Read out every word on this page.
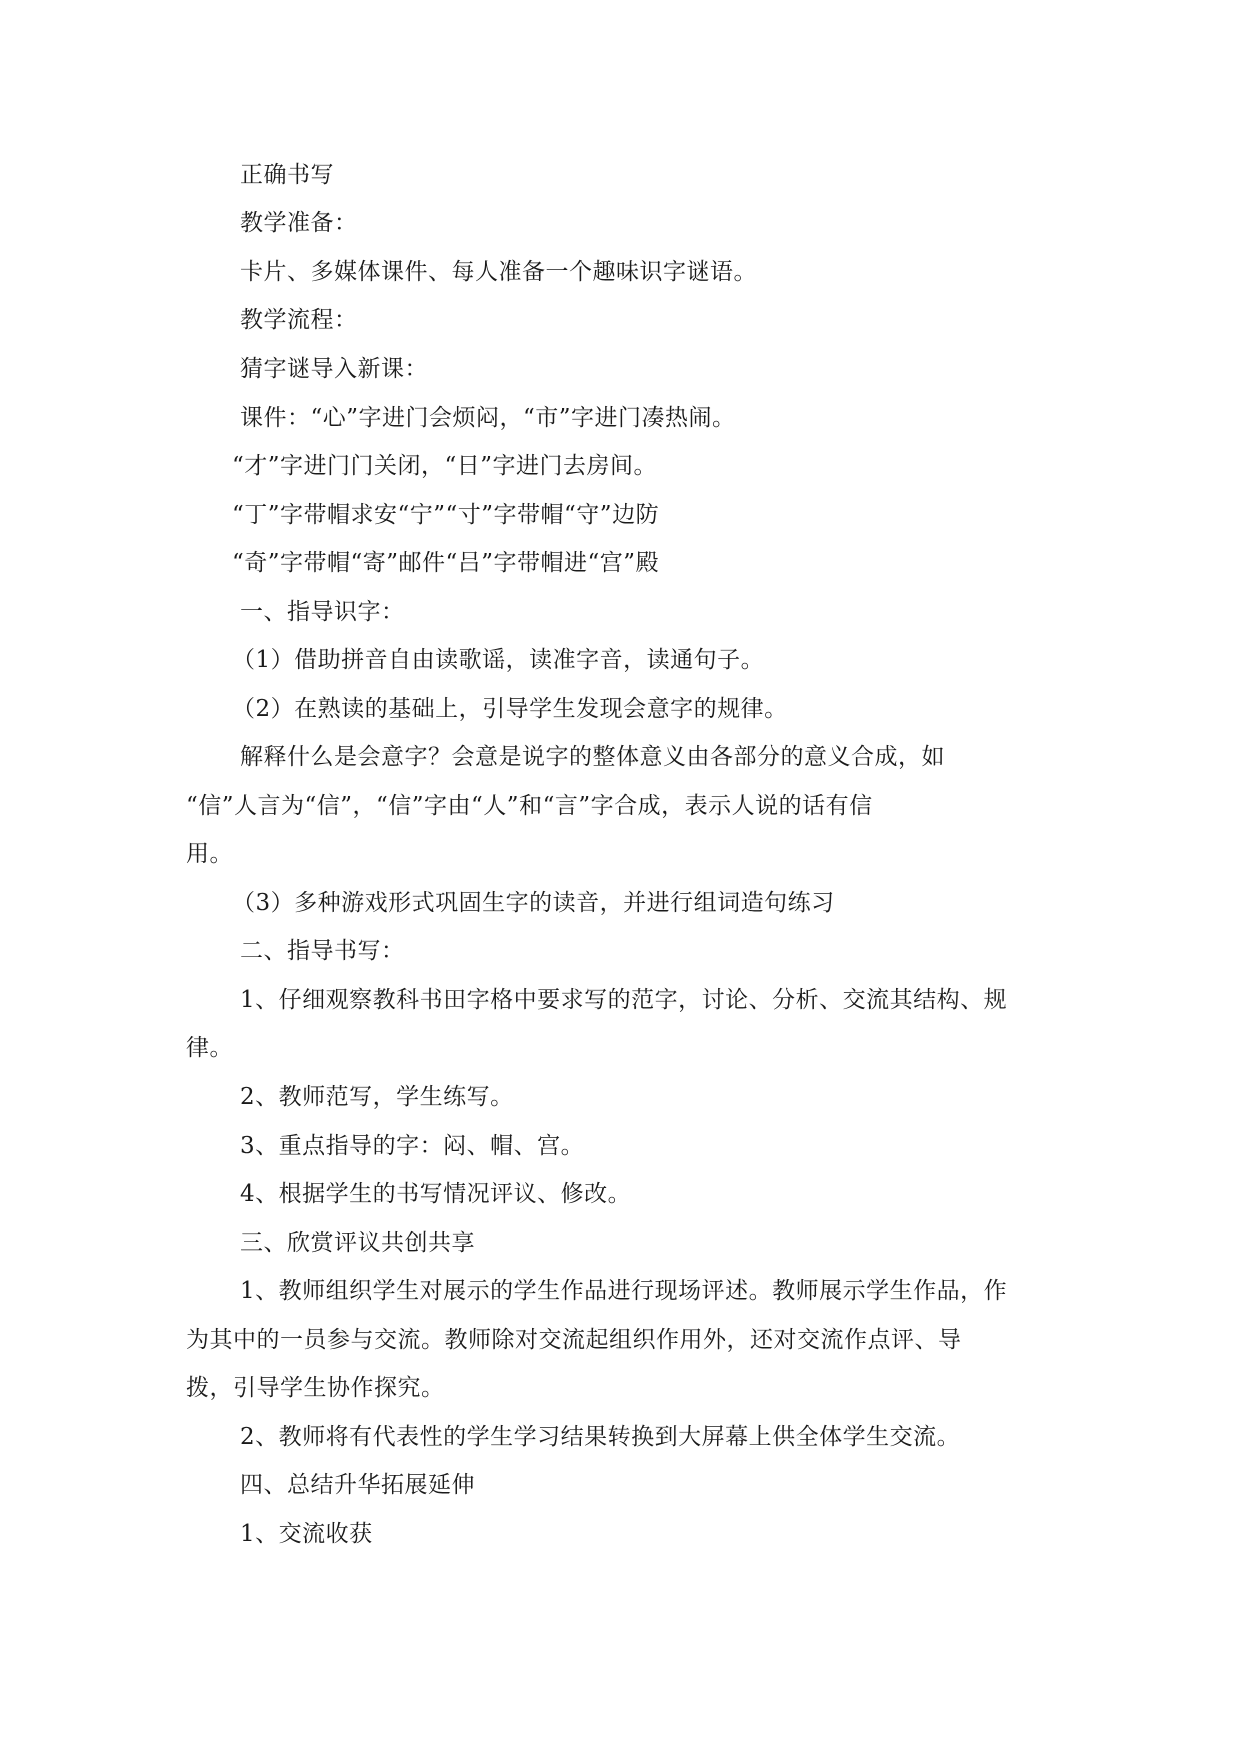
正确书写
教学准备：
卡片、多媒体课件、每人准备一个趣味识字谜语。
教学流程：
猜字谜导入新课：
课件：“心”字进门会烦闷，“市”字进门凑热闹。
“才”字进门门关闭，“日”字进门去房间。
“丁”字带帽求安“宁”“寸”字带帽“守”边防
“奇”字带帽“寄”邮件“吕”字带帽进“宫”殿
一、指导识字：
（1）借助拼音自由读歌谣，读准字音，读通句子。
（2）在熟读的基础上，引导学生发现会意字的规律。
解释什么是会意字？会意是说字的整体意义由各部分的意义合成，如
“信”人言为“信”，“信”字由“人”和“言”字合成，表示人说的话有信
用。
（3）多种游戏形式巩固生字的读音，并进行组词造句练习
二、指导书写：
1、仔细观察教科书田字格中要求写的范字，讨论、分析、交流其结构、规
律。
2、教师范写，学生练写。
3、重点指导的字：闷、帽、宫。
4、根据学生的书写情况评议、修改。
三、欣赏评议共创共享
1、教师组织学生对展示的学生作品进行现场评述。教师展示学生作品，作
为其中的一员参与交流。教师除对交流起组织作用外，还对交流作点评、导
拨，引导学生协作探究。
2、教师将有代表性的学生学习结果转换到大屏幕上供全体学生交流。
四、总结升华拓展延伸
1、交流收获
